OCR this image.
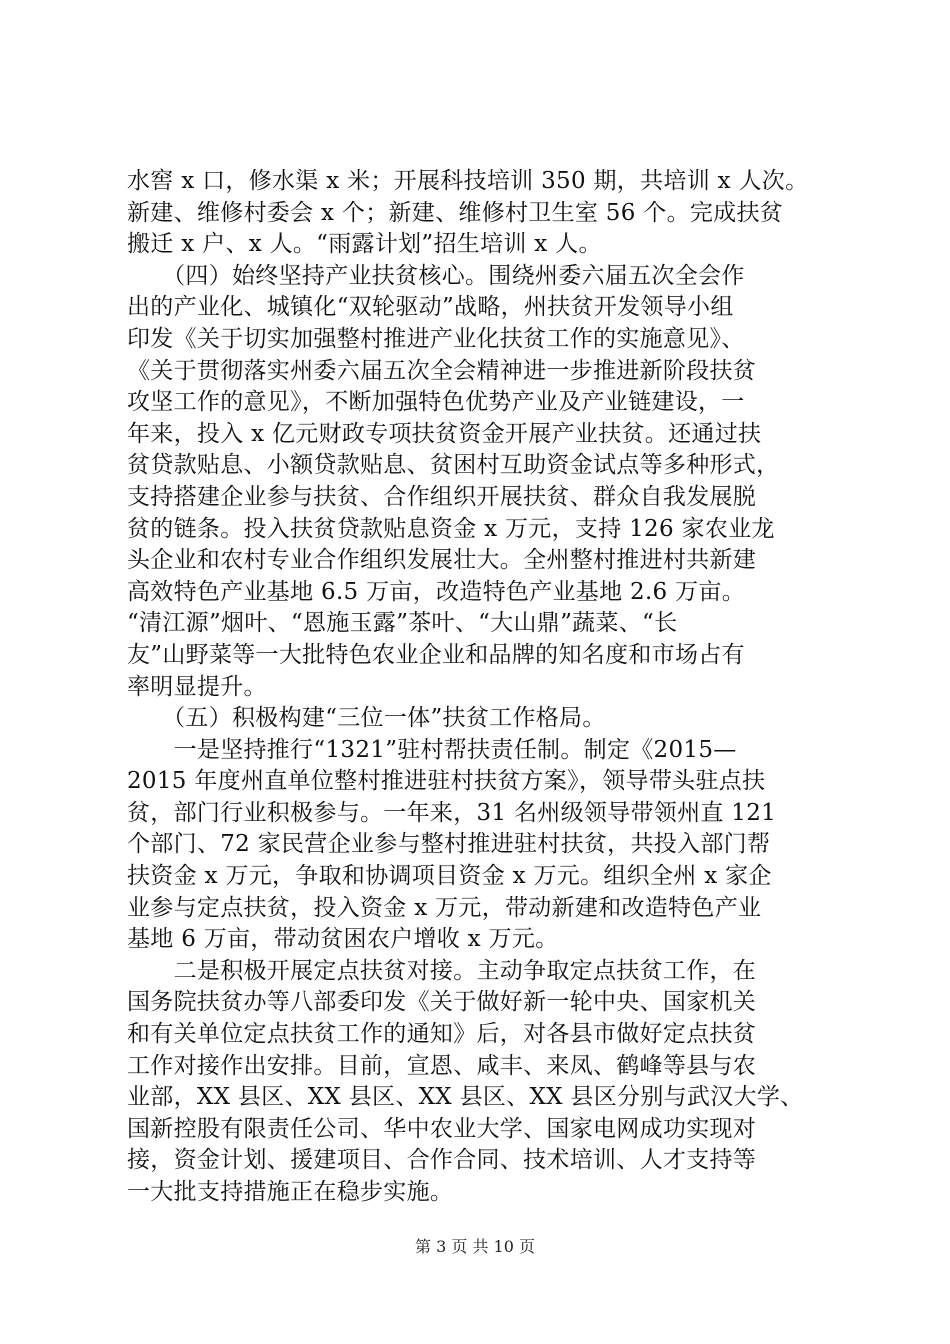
水窖 x 口，修水渠 x 米；开展科技培训 350 期，共培训 x 人次。
新建、维修村委会 x 个；新建、维修村卫生室 56 个。完成扶贫
搬迁 x 户、x 人。“雨露计划”招生培训 x 人。
　　（四）始终坚持产业扶贫核心。围绕州委六届五次全会作
出的产业化、城镇化“双轮驱动”战略，州扶贫开发领导小组
印发《关于切实加强整村推进产业化扶贫工作的实施意见》、
《关于贯彻落实州委六届五次全会精神进一步推进新阶段扶贫
攻坚工作的意见》，不断加强特色优势产业及产业链建设，一
年来，投入 x 亿元财政专项扶贫资金开展产业扶贫。还通过扶
贫贷款贴息、小额贷款贴息、贫困村互助资金试点等多种形式，
支持搭建企业参与扶贫、合作组织开展扶贫、群众自我发展脱
贫的链条。投入扶贫贷款贴息资金 x 万元，支持 126 家农业龙
头企业和农村专业合作组织发展壮大。全州整村推进村共新建
高效特色产业基地 6.5 万亩，改造特色产业基地 2.6 万亩。
“清江源”烟叶、“恩施玉露”茶叶、“大山鼎”蔬菜、“长
友”山野菜等一大批特色农业企业和品牌的知名度和市场占有
率明显提升。
　　（五）积极构建“三位一体”扶贫工作格局。
　　一是坚持推行“1321”驻村帮扶责任制。制定《2015—
2015 年度州直单位整村推进驻村扶贫方案》，领导带头驻点扶
贫，部门行业积极参与。一年来，31 名州级领导带领州直 121
个部门、72 家民营企业参与整村推进驻村扶贫，共投入部门帮
扶资金 x 万元，争取和协调项目资金 x 万元。组织全州 x 家企
业参与定点扶贫，投入资金 x 万元，带动新建和改造特色产业
基地 6 万亩，带动贫困农户增收 x 万元。
　　二是积极开展定点扶贫对接。主动争取定点扶贫工作，在
国务院扶贫办等八部委印发《关于做好新一轮中央、国家机关
和有关单位定点扶贫工作的通知》后，对各县市做好定点扶贫
工作对接作出安排。目前，宣恩、咸丰、来凤、鹤峰等县与农
业部，XX 县区、XX 县区、XX 县区、XX 县区分别与武汉大学、
国新控股有限责任公司、华中农业大学、国家电网成功实现对
接，资金计划、援建项目、合作合同、技术培训、人才支持等
一大批支持措施正在稳步实施。
第 3 页 共 10 页
